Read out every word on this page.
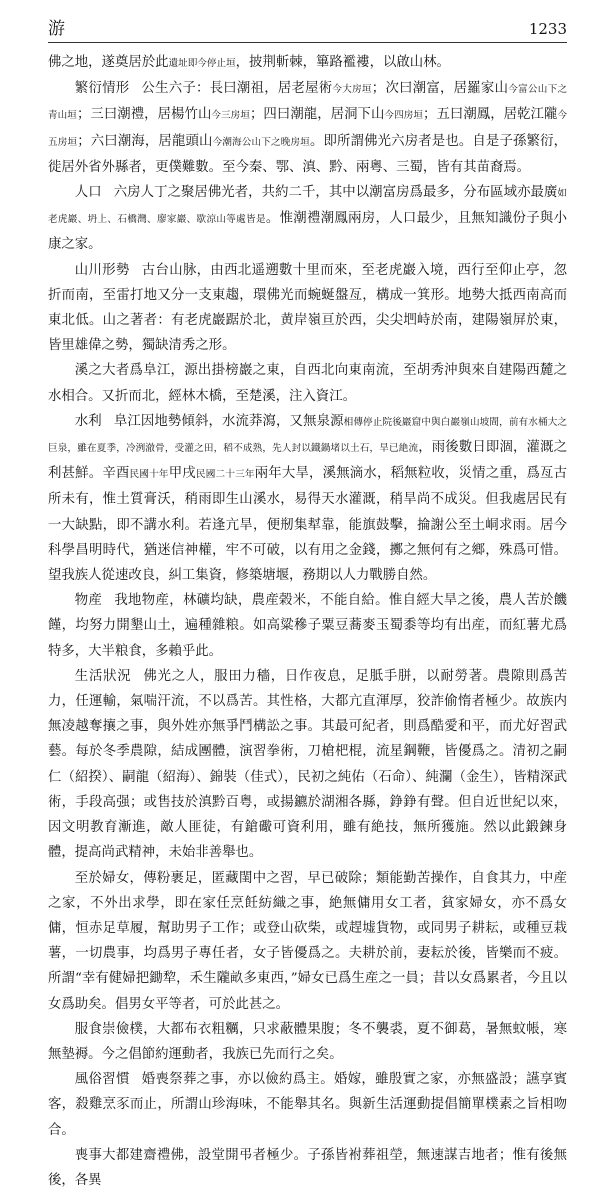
游	1233

佛之地，遂奠居於此遺址即今停止垣，披荆斬棘，篳路襤褸，以啟山林。

繁衍情形 公生六子：長曰潮祖，居老屋術今大房垣；次曰潮富，居羅家山今富公山下之青山垣；三曰潮禮，居楊竹山今三房垣；四曰潮龍，居洞下山今四房垣；五曰潮鳳，居乾江隴今五房垣；六曰潮海，居龍頭山今潮海公山下之晚房垣。即所謂佛光六房者是也。自是子孫繁衍，徙居外省外縣者，更僕難數。至今秦、鄂、滇、黔、兩粵、三蜀，皆有其苗裔焉。

人口 六房人丁之聚居佛光者，共約二千，其中以潮富房爲最多，分布區域亦最廣如老虎巖、坍上、石橋灣、廖家巖、歇涼山等處皆是。惟潮禮潮鳳兩房，人口最少，且無知識份子與小康之家。

山川形勢 古台山脉，由西北遥遡數十里而來，至老虎巖入境，西行至仰止亭，忽折而南，至雷打地又分一支東趨，環佛光而蜿蜒盤亙，構成一箕形。地勢大抵西南高而東北低。山之著者：有老虎巖踞於北，黄岸嶺亘於西，尖尖垇峙於南，建陽嶺屏於東，皆里雄偉之勢，獨缺清秀之形。

溪之大者爲阜江，源出掛榜巖之東，自西北向東南流，至胡秀沖與來自建陽西麓之水相合。又折而北，經林木橋，至楚溪，注入資江。

水利 阜江因地勢傾斜，水流莽瀉，又無泉源相傳停止院後巖窟中與白巖嶺山坡間，前有水桶大之巨泉，雖在夏季，冷洌澈骨，受灌之田，稻不成熟，先人封以鐵鍋堵以土石，旱已絶流，雨後數日即涸，灌溉之利甚鮮。辛酉民國十年甲戌民國二十三年兩年大旱，溪無滴水，稻無粒收，災情之重，爲亙古所未有，惟土質膏沃，稍雨即生山溪水，易得天水灌溉，稍旱尚不成災。但我處居民有一大缺點，即不講水利。若逢亢旱，便剏集犎靠，能旗鼓擊，掄謝公至土峒求雨。居今科學昌明時代，猶迷信神權，牢不可破，以有用之金錢，擲之無何有之鄉，殊爲可惜。望我族人從速改良，糾工集資，修築塘堰，務期以人力戰勝自然。

物産 我地物産，林礦均缺，農産榖米，不能自給。惟自經大旱之後，農人苦於饑饉，均努力開墾山土，遍種雜粮。如高粱穇子粟豆蕎麥玉蜀黍等均有出産，而紅薯尤爲特多，大半粮食，多賴乎此。

生活狀況 佛光之人，服田力穡，日作夜息，足胝手胼，以耐勞著。農隙則爲苦力，任運輸，氣喘汗流，不以爲苦。其性格，大都亢直渾厚，狡詐偷惰者極少。故族内無凌越奪攘之事，與外姓亦無爭鬥構訟之事。其最可紀者，則爲酷愛和平，而尤好習武藝。每於冬季農隙，結成團體，演習拳術，刀槍杷棍，流星鋼鞭，皆優爲之。清初之嗣仁（紹揆）、嗣龍（紹海）、錦裝（佳式），民初之純佑（石命）、純瀾（金生），皆精深武術，手段高强；或售技於滇黔百粤，或揚鑣於湖湘各縣，錚錚有聲。但自近世紀以來，因文明教育漸進，敵人匪徒，有鎗礮可資利用，雖有絶技，無所獲施。然以此鍛鍊身體，提高尚武精神，未始非善舉也。

至於婦女，傳粉裹足，匿藏閨中之習，早已破除；類能勤苦操作，自食其力，中産之家，不外出求學，即在家任烹飪紡織之事，絶無傭用女工者，貧家婦女，亦不爲女傭，恒赤足草履，幫助男子工作；或登山砍柴，或趕墟貨物，或同男子耕耘，或種豆栽薯，一切農事，均爲男子專任者，女子皆優爲之。夫耕於前，妻耘於後，皆樂而不疲。所謂“幸有健婦把鋤犂，禾生隴畝多東西，”婦女已爲生産之一員；昔以女爲累者，今且以女爲助矣。倡男女平等者，可於此甚之。

服食崇儉樸，大都布衣粗糲，只求蔽體果腹；冬不襲裘，夏不御葛，暑無蚊帳，寒無墊褥。今之倡節約運動者，我族已先而行之矣。

風俗習慣 婚喪祭葬之事，亦以儉約爲主。婚嫁，雖殷實之家，亦無盛設；讌享賓客，殺雞烹豕而止，所謂山珍海味，不能舉其名。與新生活運動提倡簡單樸素之旨相吻合。

喪事大都建齋禮佛，設堂開弔者極少。子孫皆袝葬祖塋，無速謀吉地者；惟有後無後，各異
